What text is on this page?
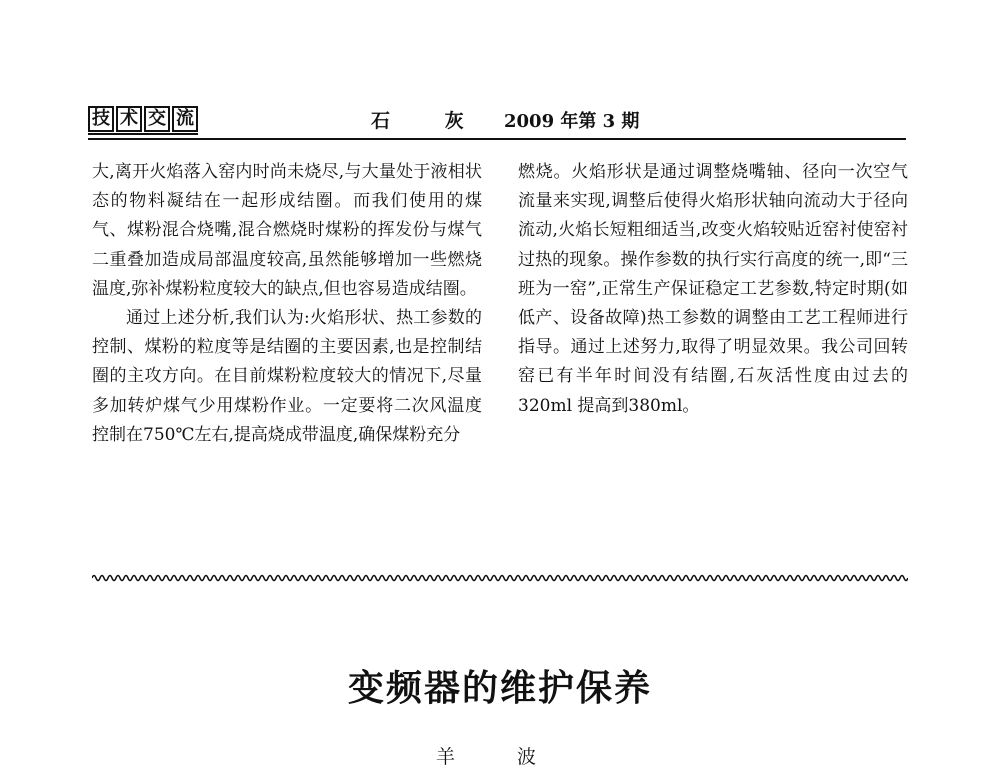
技 术 交 流	石 灰 2009 年第 3 期

大,离开火焰落入窑内时尚未烧尽,与大量处于液相状态的物料凝结在一起形成结圈。而我们使用的煤气、煤粉混合烧嘴,混合燃烧时煤粉的挥发份与煤气二重叠加造成局部温度较高,虽然能够增加一些燃烧温度,弥补煤粉粒度较大的缺点,但也容易造成结圈。

通过上述分析,我们认为:火焰形状、热工参数的控制、煤粉的粒度等是结圈的主要因素,也是控制结圈的主攻方向。在目前煤粉粒度较大的情况下,尽量多加转炉煤气少用煤粉作业。一定要将二次风温度控制在750℃左右,提高烧成带温度,确保煤粉充分

燃烧。火焰形状是通过调整烧嘴轴、径向一次空气流量来实现,调整后使得火焰形状轴向流动大于径向流动,火焰长短粗细适当,改变火焰较贴近窑衬使窑衬过热的现象。操作参数的执行实行高度的统一,即“三班为一窑”,正常生产保证稳定工艺参数,特定时期(如低产、设备故障)热工参数的调整由工艺工程师进行指导。通过上述努力,取得了明显效果。我公司回转窑已有半年时间没有结圈,石灰活性度由过去的 320ml 提高到380ml。

变频器的维护保养
羊 波
